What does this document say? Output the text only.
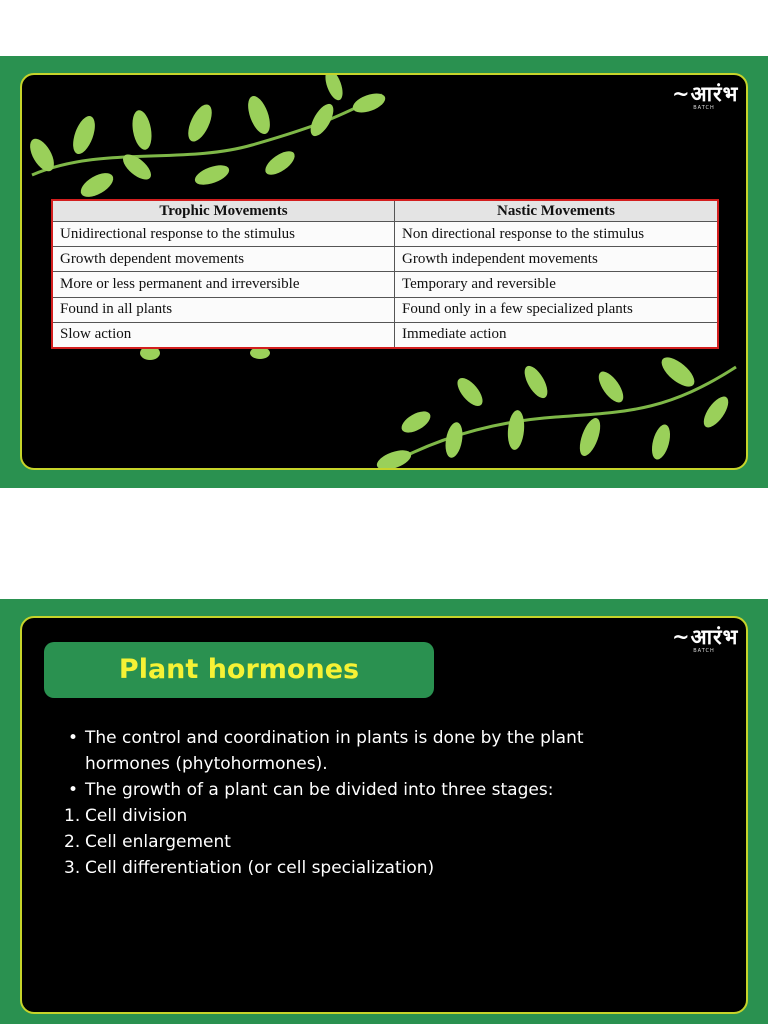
~आरंभ
BATCH
Trophic Movements	Nastic Movements
Unidirectional response to the stimulus	Non directional response to the stimulus
Growth dependent movements	Growth independent movements
More or less permanent and irreversible	Temporary and reversible
Found in all plants	Found only in a few specialized plants
Slow action	Immediate action
~आरंभ
BATCH
Plant hormones
• The control and coordination in plants is done by the plant
hormones (phytohormones).
• The growth of a plant can be divided into three stages:
1. Cell division
2. Cell enlargement
3. Cell differentiation (or cell specialization)
